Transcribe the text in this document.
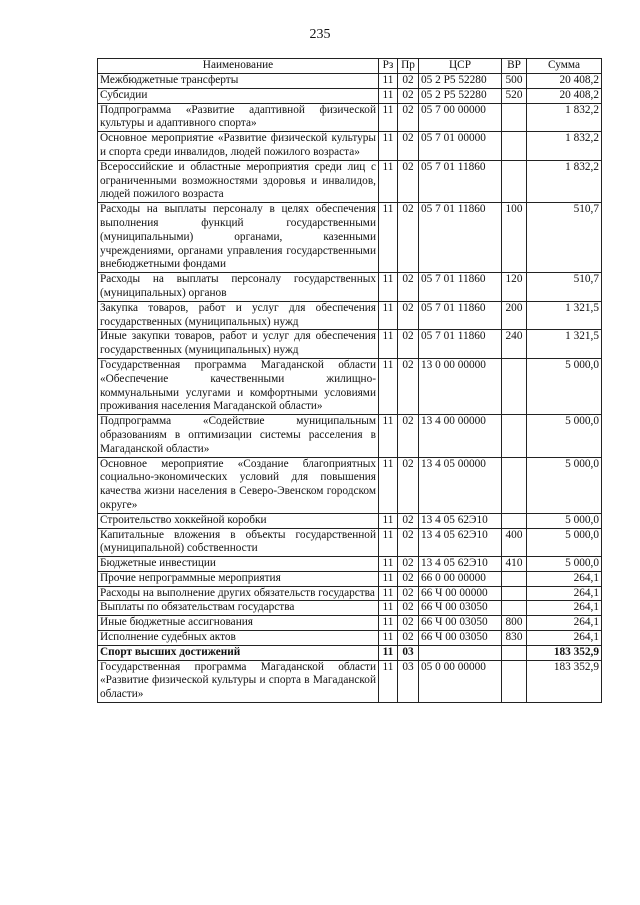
235
Наименование	Рз	Пр	ЦСР	ВР	Сумма
Межбюджетные трансферты	11	02	05 2 P5 52280	500	20 408,2
Субсидии	11	02	05 2 P5 52280	520	20 408,2
Подпрограмма «Развитие адаптивной физической культуры и адаптивного спорта»	11	02	05 7 00 00000		1 832,2
Основное мероприятие «Развитие физической культуры и спорта среди инвалидов, людей пожилого возраста»	11	02	05 7 01 00000		1 832,2
Всероссийские и областные мероприятия среди лиц с ограниченными возможностями здоровья и инвалидов, людей пожилого возраста	11	02	05 7 01 11860		1 832,2
Расходы на выплаты персоналу в целях обеспечения выполнения функций государственными (муниципальными) органами, казенными учреждениями, органами управления государственными внебюджетными фондами	11	02	05 7 01 11860	100	510,7
Расходы на выплаты персоналу государственных (муниципальных) органов	11	02	05 7 01 11860	120	510,7
Закупка товаров, работ и услуг для обеспечения государственных (муниципальных) нужд	11	02	05 7 01 11860	200	1 321,5
Иные закупки товаров, работ и услуг для обеспечения государственных (муниципальных) нужд	11	02	05 7 01 11860	240	1 321,5
Государственная программа Магаданской области «Обеспечение качественными жилищно-коммунальными услугами и комфортными условиями проживания населения Магаданской области»	11	02	13 0 00 00000		5 000,0
Подпрограмма «Содействие муниципальным образованиям в оптимизации системы расселения в Магаданской области»	11	02	13 4 00 00000		5 000,0
Основное мероприятие «Создание благоприятных социально-экономических условий для повышения качества жизни населения в Северо-Эвенском городском округе»	11	02	13 4 05 00000		5 000,0
Строительство хоккейной коробки	11	02	13 4 05 62Э10		5 000,0
Капитальные вложения в объекты государственной (муниципальной) собственности	11	02	13 4 05 62Э10	400	5 000,0
Бюджетные инвестиции	11	02	13 4 05 62Э10	410	5 000,0
Прочие непрограммные мероприятия	11	02	66 0 00 00000		264,1
Расходы на выполнение других обязательств государства	11	02	66 Ч 00 00000		264,1
Выплаты по обязательствам государства	11	02	66 Ч 00 03050		264,1
Иные бюджетные ассигнования	11	02	66 Ч 00 03050	800	264,1
Исполнение судебных актов	11	02	66 Ч 00 03050	830	264,1
Спорт высших достижений	11	03			183 352,9
Государственная программа Магаданской области «Развитие физической культуры и спорта в Магаданской области»	11	03	05 0 00 00000		183 352,9
